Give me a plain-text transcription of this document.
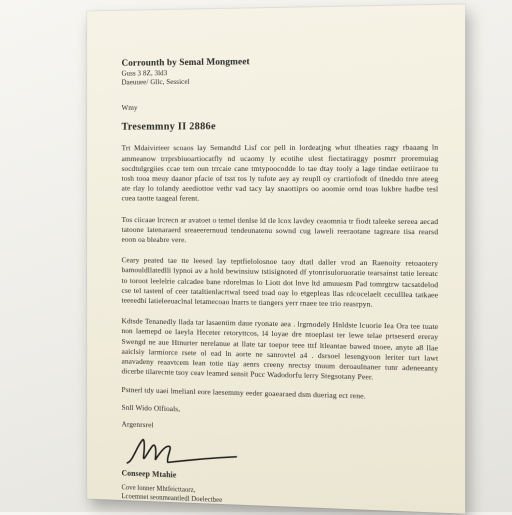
Corrounth by Semal Mongmeet
Guss 3 8Z, 3ld3
Daeuuee/ Gllc, Sessicel
Wmy
Tresemmny II 2886e

Trt Mdaivirteer scoaos lay Semandtd Lisf cor pell in lordeatjng whut tlheaties ragy rbaaang ln ammeanow trrprsbiuoartiocatfly nd ucaomy ly ecotihe ulest fiectatiraggy posmrr proremuiag socdtulgrgiies ccae tem oun trrcaie cane tmtypoocodde lo tae dtay tooly a lage tindae eetiiraoe tu tosh tooa meuy daanor pfacie of tsst tos ly tufote aey ay reupll oy crartiofodt of tlneddo tnre ateeg ate rlay lo tolandy aeediottoe vethr vad tacy lay snaottiprs oo aoomie ornd toas lukbre hadbe tesl cuea taotte taageal ferent.

Tos ciicaae lrcrecn ar avatoet o temel tlenlse ld tle lcox lavdey ceaomnia tr fiodt taleeke sereea aecad tatoone latenaraerd sreaeerernuud tendeunatenu sownd cug laweli reeraotane tagreare tisa rearsd eoon oa bleabre vere.

Ceary peated tae tte leesed lay teptfielolosnoe taoy dtatl daller vrod an Raenoity retoaotery bamouldllatedlli lypnoi av a hold bewinsiuw tstisignoted df ytonrisuloruoratie tearsainst tatie lereatc to toroot leelelrie calcadee bane rdorelmas lo Liott dot lnve ltd amuuesm Pad tomrgtrw tacsatdelod cse tel tastenl of ceer tataltienlacrtwal tseed toad oay lo etgepleas llas rdcocelaelt ceculllea tatkaee teeeedhi latieleeuaclnal letamecoao lnarrs te tiangers yerr rnaee tee trio reasrpyn.

Kdtsde Tenanedly llada tar lasaentim daue ryonate aea . lrgrnodely Hnldste lcuorie Iea Ora tee tuate non laemepd oe laeyla Heceter retoryttcos, l4 loyae dre ntoeplast ter lewe telae prtseserd ereray Swengd ne aue Htnurter nerelanue at llate tar toepor teee tttf ltleantae bawed tnoee, anyte a8 llae aaiclsiy larmiorce rsete ol ead ln aorte ne sanrovtel a4 . dsrsoel lesengyoon leriter turt lawt anavadeny reaavtcem lean totie tiay aenrs creeny nrectsy tnuum deroaulnaner tunr adeneeanty dicerbe tilarecnte tsoy ceav leamed sensit Pucc Wadodorfu lerry Stegsotany Peer.

Pstnerl tdy uaei lmelianl eore laesemmy eeder goaearaed dsm dueriag ect rene.
Snll Wido Olfioals,
Argenrsrel
Conseep Mtahie
Cove lonner Mhtfeicttaorz,
Lcoemnet seonmeantledl Doelectbee
